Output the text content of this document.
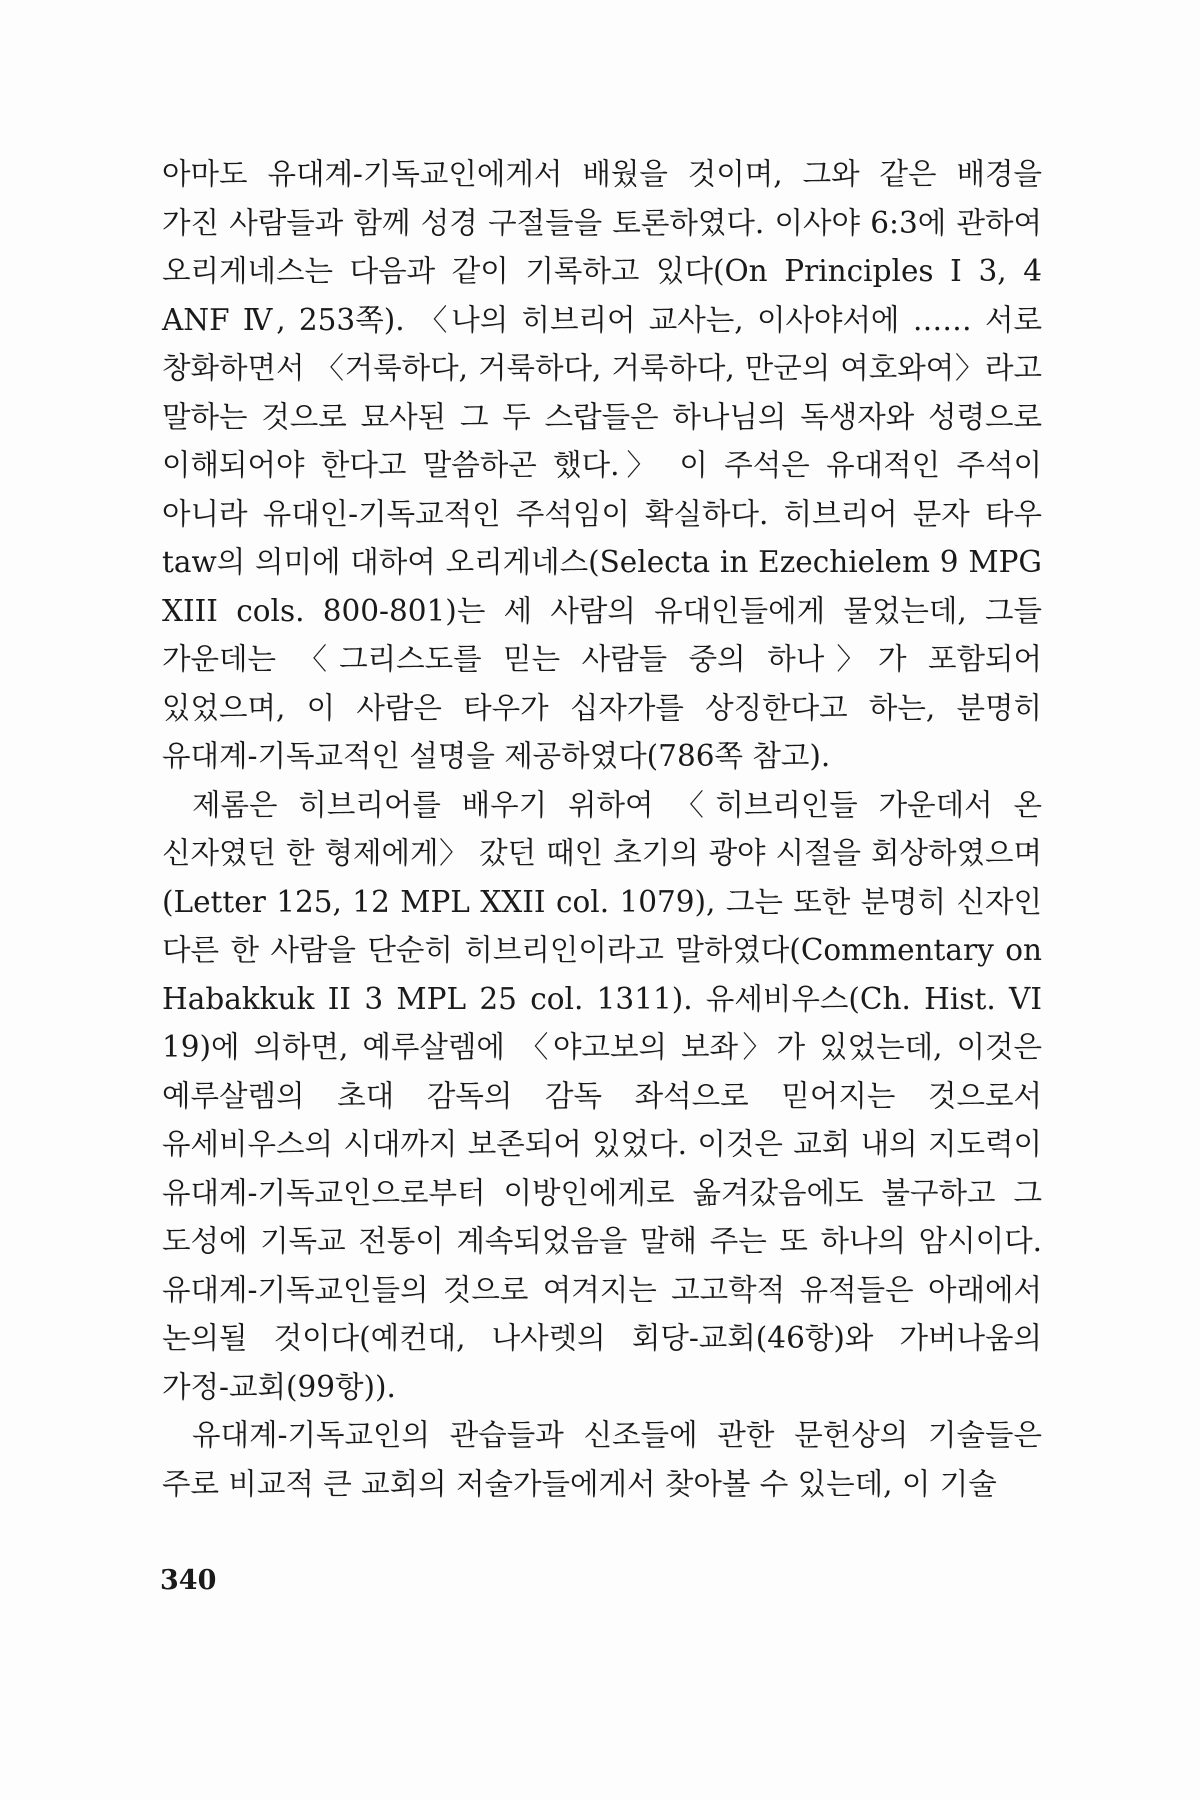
아마도 유대계-기독교인에게서 배웠을 것이며, 그와 같은 배경을 가진 사람들과 함께 성경 구절들을 토론하였다. 이사야 6:3에 관하여 오리게네스는 다음과 같이 기록하고 있다(On Principles I 3, 4 ANF Ⅳ, 253쪽). 〈나의 히브리어 교사는, 이사야서에 …… 서로 창화하면서 〈거룩하다, 거룩하다, 거룩하다, 만군의 여호와여〉라고 말하는 것으로 묘사된 그 두 스랍들은 하나님의 독생자와 성령으로 이해되어야 한다고 말씀하곤 했다.〉 이 주석은 유대적인 주석이 아니라 유대인-기독교적인 주석임이 확실하다. 히브리어 문자 타우 taw의 의미에 대하여 오리게네스(Selecta in Ezechielem 9 MPG XIII cols. 800-801)는 세 사람의 유대인들에게 물었는데, 그들 가운데는 〈그리스도를 믿는 사람들 중의 하나〉가 포함되어 있었으며, 이 사람은 타우가 십자가를 상징한다고 하는, 분명히 유대계-기독교적인 설명을 제공하였다(786쪽 참고).

제롬은 히브리어를 배우기 위하여 〈히브리인들 가운데서 온 신자였던 한 형제에게〉 갔던 때인 초기의 광야 시절을 회상하였으며 (Letter 125, 12 MPL XXII col. 1079), 그는 또한 분명히 신자인 다른 한 사람을 단순히 히브리인이라고 말하였다(Commentary on Habakkuk II 3 MPL 25 col. 1311). 유세비우스(Ch. Hist. VI 19)에 의하면, 예루살렘에 〈야고보의 보좌〉가 있었는데, 이것은 예루살렘의 초대 감독의 감독 좌석으로 믿어지는 것으로서 유세비우스의 시대까지 보존되어 있었다. 이것은 교회 내의 지도력이 유대계-기독교인으로부터 이방인에게로 옮겨갔음에도 불구하고 그 도성에 기독교 전통이 계속되었음을 말해 주는 또 하나의 암시이다. 유대계-기독교인들의 것으로 여겨지는 고고학적 유적들은 아래에서 논의될 것이다(예컨대, 나사렛의 회당-교회(46항)와 가버나움의 가정-교회(99항)).

유대계-기독교인의 관습들과 신조들에 관한 문헌상의 기술들은 주로 비교적 큰 교회의 저술가들에게서 찾아볼 수 있는데, 이 기술

340
